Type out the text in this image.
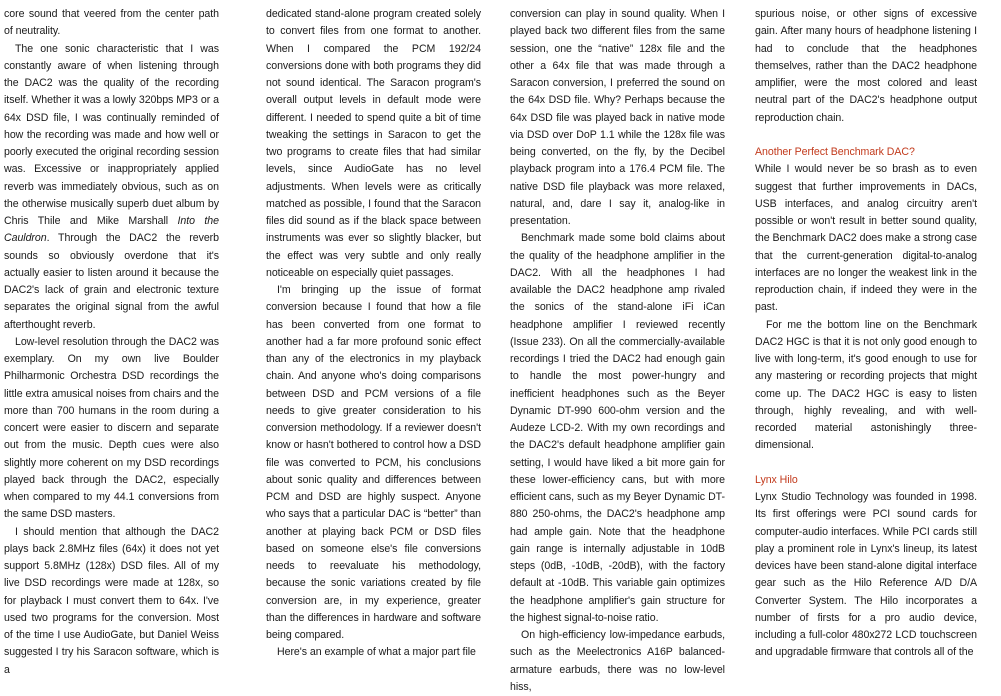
core sound that veered from the center path of neutrality.

The one sonic characteristic that I was constantly aware of when listening through the DAC2 was the quality of the recording itself. Whether it was a lowly 320bps MP3 or a 64x DSD file, I was continually reminded of how the recording was made and how well or poorly executed the original recording session was. Excessive or inappropriately applied reverb was immediately obvious, such as on the otherwise musically superb duet album by Chris Thile and Mike Marshall Into the Cauldron. Through the DAC2 the reverb sounds so obviously overdone that it's actually easier to listen around it because the DAC2's lack of grain and electronic texture separates the original signal from the awful afterthought reverb.

Low-level resolution through the DAC2 was exemplary. On my own live Boulder Philharmonic Orchestra DSD recordings the little extra amusical noises from chairs and the more than 700 humans in the room during a concert were easier to discern and separate out from the music. Depth cues were also slightly more coherent on my DSD recordings played back through the DAC2, especially when compared to my 44.1 conversions from the same DSD masters.

I should mention that although the DAC2 plays back 2.8MHz files (64x) it does not yet support 5.8MHz (128x) DSD files. All of my live DSD recordings were made at 128x, so for playback I must convert them to 64x. I've used two programs for the conversion. Most of the time I use AudioGate, but Daniel Weiss suggested I try his Saracon software, which is a

dedicated stand-alone program created solely to convert files from one format to another. When I compared the PCM 192/24 conversions done with both programs they did not sound identical. The Saracon program's overall output levels in default mode were different. I needed to spend quite a bit of time tweaking the settings in Saracon to get the two programs to create files that had similar levels, since AudioGate has no level adjustments. When levels were as critically matched as possible, I found that the Saracon files did sound as if the black space between instruments was ever so slightly blacker, but the effect was very subtle and only really noticeable on especially quiet passages.

I'm bringing up the issue of format conversion because I found that how a file has been converted from one format to another had a far more profound sonic effect than any of the electronics in my playback chain. And anyone who's doing comparisons between DSD and PCM versions of a file needs to give greater consideration to his conversion methodology. If a reviewer doesn't know or hasn't bothered to control how a DSD file was converted to PCM, his conclusions about sonic quality and differences between PCM and DSD are highly suspect. Anyone who says that a particular DAC is “better” than another at playing back PCM or DSD files based on someone else's file conversions needs to reevaluate his methodology, because the sonic variations created by file conversion are, in my experience, greater than the differences in hardware and software being compared.

Here's an example of what a major part file

conversion can play in sound quality. When I played back two different files from the same session, one the “native” 128x file and the other a 64x file that was made through a Saracon conversion, I preferred the sound on the 64x DSD file. Why? Perhaps because the 64x DSD file was played back in native mode via DSD over DoP 1.1 while the 128x file was being converted, on the fly, by the Decibel playback program into a 176.4 PCM file. The native DSD file playback was more relaxed, natural, and, dare I say it, analog-like in presentation.

Benchmark made some bold claims about the quality of the headphone amplifier in the DAC2. With all the headphones I had available the DAC2 headphone amp rivaled the sonics of the stand-alone iFi iCan headphone amplifier I reviewed recently (Issue 233). On all the commercially-available recordings I tried the DAC2 had enough gain to handle the most power-hungry and inefficient headphones such as the Beyer Dynamic DT-990 600-ohm version and the Audeze LCD-2. With my own recordings and the DAC2's default headphone amplifier gain setting, I would have liked a bit more gain for these lower-efficiency cans, but with more efficient cans, such as my Beyer Dynamic DT-880 250-ohms, the DAC2's headphone amp had ample gain. Note that the headphone gain range is internally adjustable in 10dB steps (0dB, -10dB, -20dB), with the factory default at -10dB. This variable gain optimizes the headphone amplifier's gain structure for the highest signal-to-noise ratio.

On high-efficiency low-impedance earbuds, such as the Meelectronics A16P balanced-armature earbuds, there was no low-level hiss,

spurious noise, or other signs of excessive gain. After many hours of headphone listening I had to conclude that the headphones themselves, rather than the DAC2 headphone amplifier, were the most colored and least neutral part of the DAC2's headphone output reproduction chain.

Another Perfect Benchmark DAC?

While I would never be so brash as to even suggest that further improvements in DACs, USB interfaces, and analog circuitry aren't possible or won't result in better sound quality, the Benchmark DAC2 does make a strong case that the current-generation digital-to-analog interfaces are no longer the weakest link in the reproduction chain, if indeed they were in the past.

For me the bottom line on the Benchmark DAC2 HGC is that it is not only good enough to live with long-term, it's good enough to use for any mastering or recording projects that might come up. The DAC2 HGC is easy to listen through, highly revealing, and with well-recorded material astonishingly three-dimensional.

Lynx Hilo

Lynx Studio Technology was founded in 1998. Its first offerings were PCI sound cards for computer-audio interfaces. While PCI cards still play a prominent role in Lynx's lineup, its latest devices have been stand-alone digital interface gear such as the Hilo Reference A/D D/A Converter System. The Hilo incorporates a number of firsts for a pro audio device, including a full-color 480x272 LCD touchscreen and upgradable firmware that controls all of the
